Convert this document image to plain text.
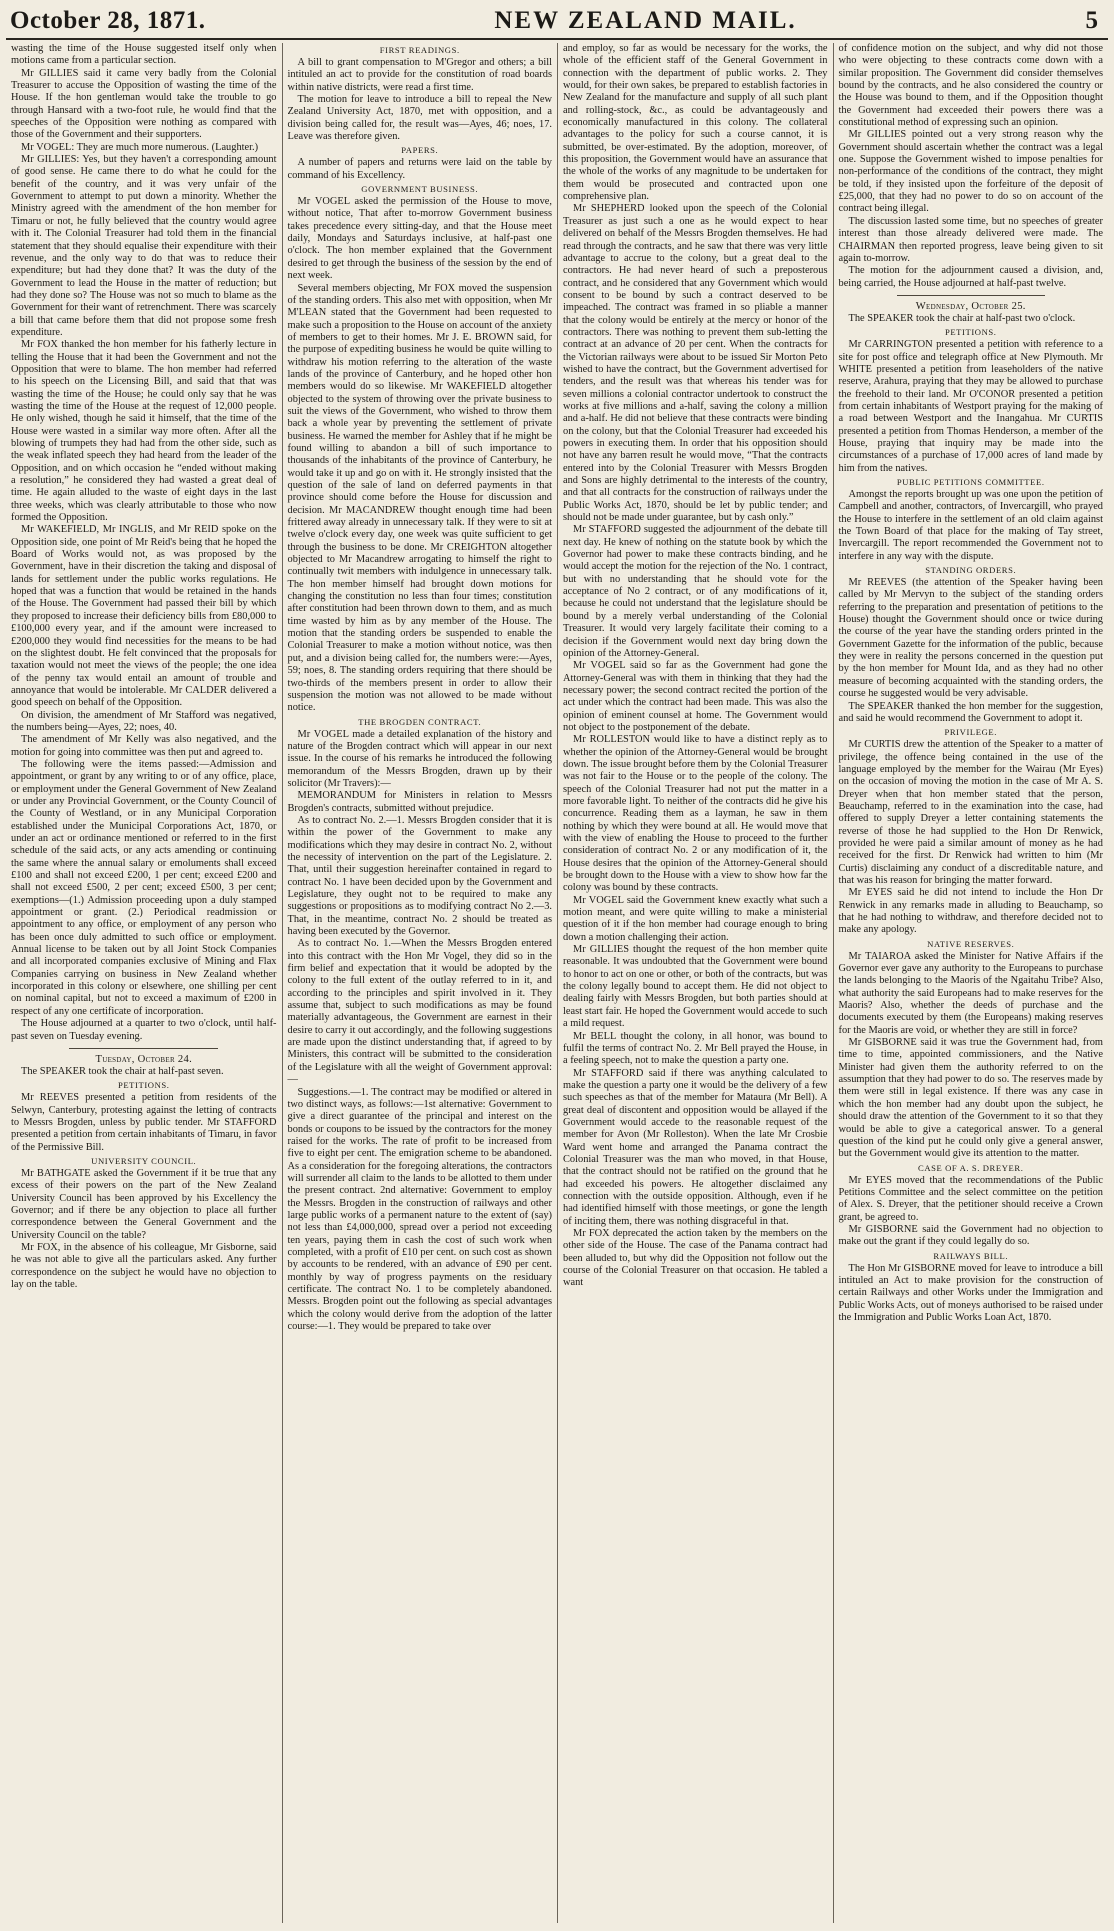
October 28, 1871.	NEW ZEALAND MAIL.	5

wasting the time of the House suggested itself only when motions came from a particular section.

Mr GILLIES said it came very badly from the Colonial Treasurer to accuse the Opposition of wasting the time of the House. If the hon gentleman would take the trouble to go through Hansard with a two-foot rule, he would find that the speeches of the Opposition were nothing as compared with those of the Government and their supporters.

Mr VOGEL: They are much more numerous. (Laughter.)

Mr GILLIES: Yes, but they haven't a corresponding amount of good sense. He came there to do what he could for the benefit of the country, and it was very unfair of the Government to attempt to put down a minority. Whether the Ministry agreed with the amendment of the hon member for Timaru or not, he fully believed that the country would agree with it. The Colonial Treasurer had told them in the financial statement that they should equalise their expenditure with their revenue, and the only way to do that was to reduce their expenditure; but had they done that? It was the duty of the Government to lead the House in the matter of reduction; but had they done so? The House was not so much to blame as the Government for their want of retrenchment. There was scarcely a bill that came before them that did not propose some fresh expenditure.

Mr FOX thanked the hon member for his fatherly lecture in telling the House that it had been the Government and not the Opposition that were to blame. The hon member had referred to his speech on the Licensing Bill, and said that that was wasting the time of the House; he could only say that he was wasting the time of the House at the request of 12,000 people. He only wished, though he said it himself, that the time of the House were wasted in a similar way more often. After all the blowing of trumpets they had had from the other side, such as the weak inflated speech they had heard from the leader of the Opposition, and on which occasion he “ended without making a resolution,” he considered they had wasted a great deal of time. He again alluded to the waste of eight days in the last three weeks, which was clearly attributable to those who now formed the Opposition.

Mr WAKEFIELD, Mr INGLIS, and Mr REID spoke on the Opposition side, one point of Mr Reid's being that he hoped the Board of Works would not, as was proposed by the Government, have in their discretion the taking and disposal of lands for settlement under the public works regulations. He hoped that was a function that would be retained in the hands of the House. The Government had passed their bill by which they proposed to increase their deficiency bills from £80,000 to £100,000 every year, and if the amount were increased to £200,000 they would find necessities for the means to be had on the slightest doubt. He felt convinced that the proposals for taxation would not meet the views of the people; the one idea of the penny tax would entail an amount of trouble and annoyance that would be intolerable. Mr CALDER delivered a good speech on behalf of the Opposition.

On division, the amendment of Mr Stafford was negatived, the numbers being—Ayes, 22; noes, 40.

The amendment of Mr Kelly was also negatived, and the motion for going into committee was then put and agreed to.

The following were the items passed:—Admission and appointment, or grant by any writing to or of any office, place, or employment under the General Government of New Zealand or under any Provincial Government, or the County Council of the County of Westland, or in any Municipal Corporation established under the Municipal Corporations Act, 1870, or under an act or ordinance mentioned or referred to in the first schedule of the said acts, or any acts amending or continuing the same where the annual salary or emoluments shall exceed £100 and shall not exceed £200, 1 per cent; exceed £200 and shall not exceed £500, 2 per cent; exceed £500, 3 per cent; exemptions—(1.) Admission proceeding upon a duly stamped appointment or grant. (2.) Periodical readmission or appointment to any office, or employment of any person who has been once duly admitted to such office or employment. Annual license to be taken out by all Joint Stock Companies and all incorporated companies exclusive of Mining and Flax Companies carrying on business in New Zealand whether incorporated in this colony or elsewhere, one shilling per cent on nominal capital, but not to exceed a maximum of £200 in respect of any one certificate of incorporation.

The House adjourned at a quarter to two o'clock, until half-past seven on Tuesday evening.

Tuesday, October 24.

The SPEAKER took the chair at half-past seven.

PETITIONS.

Mr REEVES presented a petition from residents of the Selwyn, Canterbury, protesting against the letting of contracts to Messrs Brogden, unless by public tender. Mr STAFFORD presented a petition from certain inhabitants of Timaru, in favor of the Permissive Bill.

UNIVERSITY COUNCIL.

Mr BATHGATE asked the Government if it be true that any excess of their powers on the part of the New Zealand University Council has been approved by his Excellency the Governor; and if there be any objection to place all further correspondence between the General Government and the University Council on the table?

Mr FOX, in the absence of his colleague, Mr Gisborne, said he was not able to give all the particulars asked. Any further correspondence on the subject he would have no objection to lay on the table.

FIRST READINGS.

A bill to grant compensation to M'Gregor and others; a bill intituled an act to provide for the constitution of road boards within native districts, were read a first time.

The motion for leave to introduce a bill to repeal the New Zealand University Act, 1870, met with opposition, and a division being called for, the result was—Ayes, 46; noes, 17. Leave was therefore given.

PAPERS.

A number of papers and returns were laid on the table by command of his Excellency.

GOVERNMENT BUSINESS.

Mr VOGEL asked the permission of the House to move, without notice, That after to-morrow Government business takes precedence every sitting-day, and that the House meet daily, Mondays and Saturdays inclusive, at half-past one o'clock. The hon member explained that the Government desired to get through the business of the session by the end of next week.

Several members objecting, Mr FOX moved the suspension of the standing orders. This also met with opposition, when Mr M'LEAN stated that the Government had been requested to make such a proposition to the House on account of the anxiety of members to get to their homes. Mr J. E. BROWN said, for the purpose of expediting business he would be quite willing to withdraw his motion referring to the alteration of the waste lands of the province of Canterbury, and he hoped other hon members would do so likewise. Mr WAKEFIELD altogether objected to the system of throwing over the private business to suit the views of the Government, who wished to throw them back a whole year by preventing the settlement of private business. He warned the member for Ashley that if he might be found willing to abandon a bill of such importance to thousands of the inhabitants of the province of Canterbury, he would take it up and go on with it. He strongly insisted that the question of the sale of land on deferred payments in that province should come before the House for discussion and decision. Mr MACANDREW thought enough time had been frittered away already in unnecessary talk. If they were to sit at twelve o'clock every day, one week was quite sufficient to get through the business to be done. Mr CREIGHTON altogether objected to Mr Macandrew arrogating to himself the right to continually twit members with indulgence in unnecessary talk. The hon member himself had brought down motions for changing the constitution no less than four times; constitution after constitution had been thrown down to them, and as much time wasted by him as by any member of the House. The motion that the standing orders be suspended to enable the Colonial Treasurer to make a motion without notice, was then put, and a division being called for, the numbers were:—Ayes, 59; noes, 8. The standing orders requiring that there should be two-thirds of the members present in order to allow their suspension the motion was not allowed to be made without notice.

THE BROGDEN CONTRACT.

Mr VOGEL made a detailed explanation of the history and nature of the Brogden contract which will appear in our next issue. In the course of his remarks he introduced the following memorandum of the Messrs Brogden, drawn up by their solicitor (Mr Travers):—

MEMORANDUM for Ministers in relation to Messrs Brogden's contracts, submitted without prejudice.

As to contract No. 2.—1. Messrs Brogden consider that it is within the power of the Government to make any modifications which they may desire in contract No. 2, without the necessity of intervention on the part of the Legislature. 2. That, until their suggestion hereinafter contained in regard to contract No. 1 have been decided upon by the Government and Legislature, they ought not to be required to make any suggestions or propositions as to modifying contract No 2.—3. That, in the meantime, contract No. 2 should be treated as having been executed by the Governor.

As to contract No. 1.—When the Messrs Brogden entered into this contract with the Hon Mr Vogel, they did so in the firm belief and expectation that it would be adopted by the colony to the full extent of the outlay referred to in it, and according to the principles and spirit involved in it. They assume that, subject to such modifications as may be found materially advantageous, the Government are earnest in their desire to carry it out accordingly, and the following suggestions are made upon the distinct understanding that, if agreed to by Ministers, this contract will be submitted to the consideration of the Legislature with all the weight of Government approval:—

Suggestions.—1. The contract may be modified or altered in two distinct ways, as follows:—1st alternative: Government to give a direct guarantee of the principal and interest on the bonds or coupons to be issued by the contractors for the money raised for the works. The rate of profit to be increased from five to eight per cent. The emigration scheme to be abandoned. As a consideration for the foregoing alterations, the contractors will surrender all claim to the lands to be allotted to them under the present contract. 2nd alternative: Government to employ the Messrs. Brogden in the construction of railways and other large public works of a permanent nature to the extent of (say) not less than £4,000,000, spread over a period not exceeding ten years, paying them in cash the cost of such work when completed, with a profit of £10 per cent. on such cost as shown by accounts to be rendered, with an advance of £90 per cent. monthly by way of progress payments on the residuary certificate. The contract No. 1 to be completely abandoned. Messrs. Brogden point out the following as special advantages which the colony would derive from the adoption of the latter course:—1. They would be prepared to take over

and employ, so far as would be necessary for the works, the whole of the efficient staff of the General Government in connection with the department of public works. 2. They would, for their own sakes, be prepared to establish factories in New Zealand for the manufacture and supply of all such plant and rolling-stock, &c., as could be advantageously and economically manufactured in this colony. The collateral advantages to the policy for such a course cannot, it is submitted, be over-estimated. By the adoption, moreover, of this proposition, the Government would have an assurance that the whole of the works of any magnitude to be undertaken for them would be prosecuted and contracted upon one comprehensive plan.

Mr SHEPHERD looked upon the speech of the Colonial Treasurer as just such a one as he would expect to hear delivered on behalf of the Messrs Brogden themselves. He had read through the contracts, and he saw that there was very little advantage to accrue to the colony, but a great deal to the contractors. He had never heard of such a preposterous contract, and he considered that any Government which would consent to be bound by such a contract deserved to be impeached. The contract was framed in so pliable a manner that the colony would be entirely at the mercy or honor of the contractors. There was nothing to prevent them sub-letting the contract at an advance of 20 per cent. When the contracts for the Victorian railways were about to be issued Sir Morton Peto wished to have the contract, but the Government advertised for tenders, and the result was that whereas his tender was for seven millions a colonial contractor undertook to construct the works at five millions and a-half, saving the colony a million and a-half. He did not believe that these contracts were binding on the colony, but that the Colonial Treasurer had exceeded his powers in executing them. In order that his opposition should not have any barren result he would move, “That the contracts entered into by the Colonial Treasurer with Messrs Brogden and Sons are highly detrimental to the interests of the country, and that all contracts for the construction of railways under the Public Works Act, 1870, should be let by public tender; and should not be made under guarantee, but by cash only.”

Mr STAFFORD suggested the adjournment of the debate till next day. He knew of nothing on the statute book by which the Governor had power to make these contracts binding, and he would accept the motion for the rejection of the No. 1 contract, but with no understanding that he should vote for the acceptance of No 2 contract, or of any modifications of it, because he could not understand that the legislature should be bound by a merely verbal understanding of the Colonial Treasurer. It would very largely facilitate their coming to a decision if the Government would next day bring down the opinion of the Attorney-General.

Mr VOGEL said so far as the Government had gone the Attorney-General was with them in thinking that they had the necessary power; the second contract recited the portion of the act under which the contract had been made. This was also the opinion of eminent counsel at home. The Government would not object to the postponement of the debate.

Mr ROLLESTON would like to have a distinct reply as to whether the opinion of the Attorney-General would be brought down. The issue brought before them by the Colonial Treasurer was not fair to the House or to the people of the colony. The speech of the Colonial Treasurer had not put the matter in a more favorable light. To neither of the contracts did he give his concurrence. Reading them as a layman, he saw in them nothing by which they were bound at all. He would move that with the view of enabling the House to proceed to the further consideration of contract No. 2 or any modification of it, the House desires that the opinion of the Attorney-General should be brought down to the House with a view to show how far the colony was bound by these contracts.

Mr VOGEL said the Government knew exactly what such a motion meant, and were quite willing to make a ministerial question of it if the hon member had courage enough to bring down a motion challenging their action.

Mr GILLIES thought the request of the hon member quite reasonable. It was undoubted that the Government were bound to honor to act on one or other, or both of the contracts, but was the colony legally bound to accept them. He did not object to dealing fairly with Messrs Brogden, but both parties should at least start fair. He hoped the Government would accede to such a mild request.

Mr BELL thought the colony, in all honor, was bound to fulfil the terms of contract No. 2. Mr Bell prayed the House, in a feeling speech, not to make the question a party one.

Mr STAFFORD said if there was anything calculated to make the question a party one it would be the delivery of a few such speeches as that of the member for Mataura (Mr Bell). A great deal of discontent and opposition would be allayed if the Government would accede to the reasonable request of the member for Avon (Mr Rolleston). When the late Mr Crosbie Ward went home and arranged the Panama contract the Colonial Treasurer was the man who moved, in that House, that the contract should not be ratified on the ground that he had exceeded his powers. He altogether disclaimed any connection with the outside opposition. Although, even if he had identified himself with those meetings, or gone the length of inciting them, there was nothing disgraceful in that.

Mr FOX deprecated the action taken by the members on the other side of the House. The case of the Panama contract had been alluded to, but why did the Opposition not follow out the course of the Colonial Treasurer on that occasion. He tabled a want

of confidence motion on the subject, and why did not those who were objecting to these contracts come down with a similar proposition. The Government did consider themselves bound by the contracts, and he also considered the country or the House was bound to them, and if the Opposition thought the Government had exceeded their powers there was a constitutional method of expressing such an opinion.

Mr GILLIES pointed out a very strong reason why the Government should ascertain whether the contract was a legal one. Suppose the Government wished to impose penalties for non-performance of the conditions of the contract, they might be told, if they insisted upon the forfeiture of the deposit of £25,000, that they had no power to do so on account of the contract being illegal.

The discussion lasted some time, but no speeches of greater interest than those already delivered were made. The CHAIRMAN then reported progress, leave being given to sit again to-morrow.

The motion for the adjournment caused a division, and, being carried, the House adjourned at half-past twelve.

Wednesday, October 25.

The SPEAKER took the chair at half-past two o'clock.

PETITIONS.

Mr CARRINGTON presented a petition with reference to a site for post office and telegraph office at New Plymouth. Mr WHITE presented a petition from leaseholders of the native reserve, Arahura, praying that they may be allowed to purchase the freehold to their land. Mr O'CONOR presented a petition from certain inhabitants of Westport praying for the making of a road between Westport and the Inangahua. Mr CURTIS presented a petition from Thomas Henderson, a member of the House, praying that inquiry may be made into the circumstances of a purchase of 17,000 acres of land made by him from the natives.

PUBLIC PETITIONS COMMITTEE.

Amongst the reports brought up was one upon the petition of Campbell and another, contractors, of Invercargill, who prayed the House to interfere in the settlement of an old claim against the Town Board of that place for the making of Tay street, Invercargill. The report recommended the Government not to interfere in any way with the dispute.

STANDING ORDERS.

Mr REEVES (the attention of the Speaker having been called by Mr Mervyn to the subject of the standing orders referring to the preparation and presentation of petitions to the House) thought the Government should once or twice during the course of the year have the standing orders printed in the Government Gazette for the information of the public, because they were in reality the persons concerned in the question put by the hon member for Mount Ida, and as they had no other measure of becoming acquainted with the standing orders, the course he suggested would be very advisable.

The SPEAKER thanked the hon member for the suggestion, and said he would recommend the Government to adopt it.

PRIVILEGE.

Mr CURTIS drew the attention of the Speaker to a matter of privilege, the offence being contained in the use of the language employed by the member for the Wairau (Mr Eyes) on the occasion of moving the motion in the case of Mr A. S. Dreyer when that hon member stated that the person, Beauchamp, referred to in the examination into the case, had offered to supply Dreyer a letter containing statements the reverse of those he had supplied to the Hon Dr Renwick, provided he were paid a similar amount of money as he had received for the first. Dr Renwick had written to him (Mr Curtis) disclaiming any conduct of a discreditable nature, and that was his reason for bringing the matter forward.

Mr EYES said he did not intend to include the Hon Dr Renwick in any remarks made in alluding to Beauchamp, so that he had nothing to withdraw, and therefore decided not to make any apology.

NATIVE RESERVES.

Mr TAIAROA asked the Minister for Native Affairs if the Governor ever gave any authority to the Europeans to purchase the lands belonging to the Maoris of the Ngaitahu Tribe? Also, what authority the said Europeans had to make reserves for the Maoris? Also, whether the deeds of purchase and the documents executed by them (the Europeans) making reserves for the Maoris are void, or whether they are still in force?

Mr GISBORNE said it was true the Government had, from time to time, appointed commissioners, and the Native Minister had given them the authority referred to on the assumption that they had power to do so. The reserves made by them were still in legal existence. If there was any case in which the hon member had any doubt upon the subject, he should draw the attention of the Government to it so that they would be able to give a categorical answer. To a general question of the kind put he could only give a general answer, but the Government would give its attention to the matter.

CASE OF A. S. DREYER.

Mr EYES moved that the recommendations of the Public Petitions Committee and the select committee on the petition of Alex. S. Dreyer, that the petitioner should receive a Crown grant, be agreed to.

Mr GISBORNE said the Government had no objection to make out the grant if they could legally do so.

RAILWAYS BILL.

The Hon Mr GISBORNE moved for leave to introduce a bill intituled an Act to make provision for the construction of certain Railways and other Works under the Immigration and Public Works Acts, out of moneys authorised to be raised under the Immigration and Public Works Loan Act, 1870.
